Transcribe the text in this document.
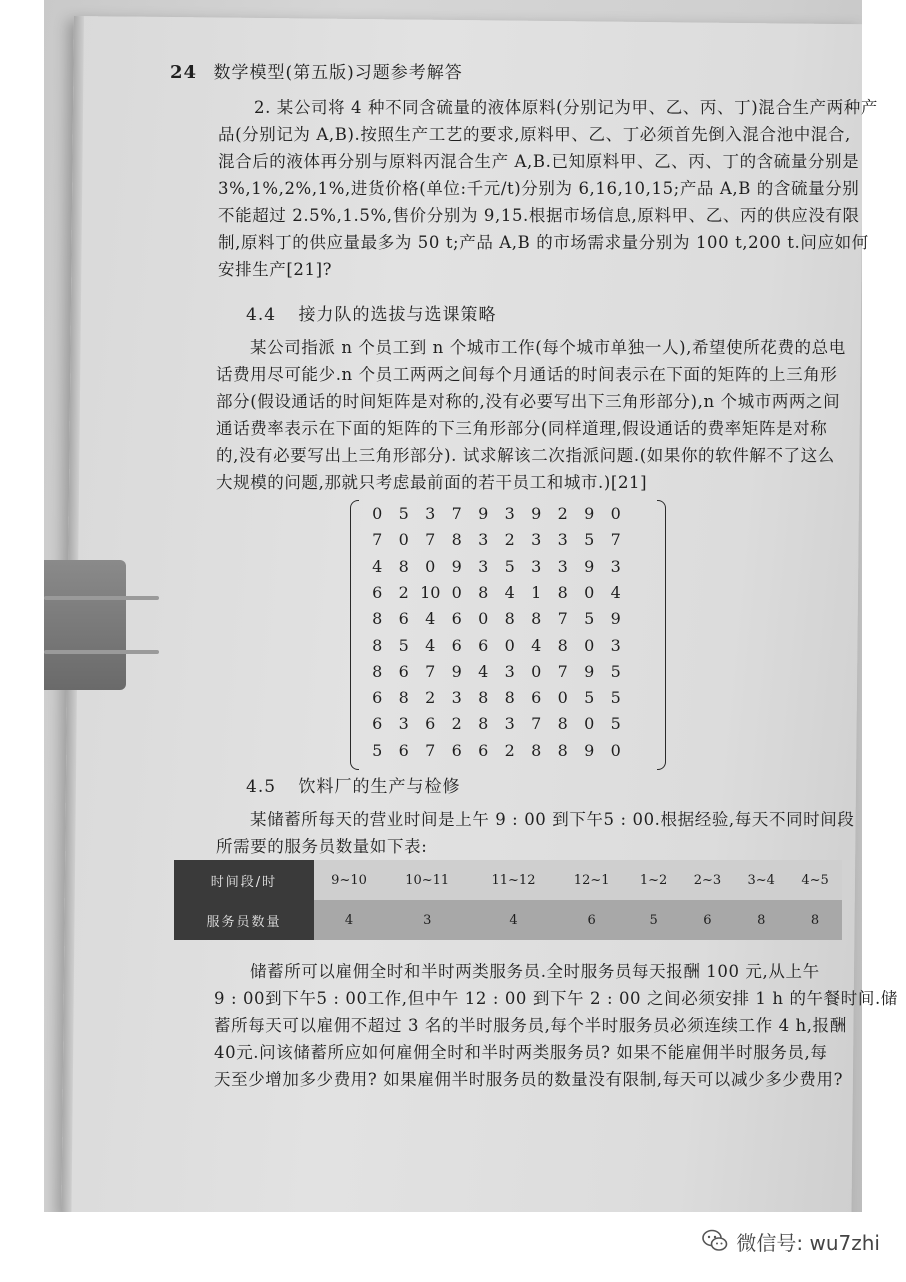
24 数学模型(第五版)习题参考解答
2. 某公司将 4 种不同含硫量的液体原料(分别记为甲、乙、丙、丁)混合生产两种产
品(分别记为 A,B).按照生产工艺的要求,原料甲、乙、丁必须首先倒入混合池中混合,
混合后的液体再分别与原料丙混合生产 A,B.已知原料甲、乙、丙、丁的含硫量分别是
3%,1%,2%,1%,进货价格(单位:千元/t)分别为 6,16,10,15;产品 A,B 的含硫量分别
不能超过 2.5%,1.5%,售价分别为 9,15.根据市场信息,原料甲、乙、丙的供应没有限
制,原料丁的供应量最多为 50 t;产品 A,B 的市场需求量分别为 100 t,200 t.问应如何
安排生产[21]?
4.4 接力队的选拔与选课策略
某公司指派 n 个员工到 n 个城市工作(每个城市单独一人),希望使所花费的总电
话费用尽可能少.n 个员工两两之间每个月通话的时间表示在下面的矩阵的上三角形
部分(假设通话的时间矩阵是对称的,没有必要写出下三角形部分),n 个城市两两之间
通话费率表示在下面的矩阵的下三角形部分(同样道理,假设通话的费率矩阵是对称
的,没有必要写出上三角形部分). 试求解该二次指派问题.(如果你的软件解不了这么
大规模的问题,那就只考虑最前面的若干员工和城市.)[21]
0	5	3	7	9	3	9	2	9	0
7	0	7	8	3	2	3	3	5	7
4	8	0	9	3	5	3	3	9	3
6	2 10 0	8	4	1	8	0	4
8	6	4	6	0	8	8	7	5	9
8	5	4	6	6	0	4	8	0	3
8	6	7	9	4	3	0	7	9	5
6	8	2	3	8	8	6	0	5	5
6	3	6	2	8	3	7	8	0	5
5	6	7	6	6	2	8	8	9	0
4.5 饮料厂的生产与检修
某储蓄所每天的营业时间是上午 9 : 00 到下午5 : 00.根据经验,每天不同时间段
所需要的服务员数量如下表:
时间段/时	9~10	10~11	11~12	12~1	1~2	2~3	3~4	4~5
服务员数量	4	3	4	6	5	6	8	8
储蓄所可以雇佣全时和半时两类服务员.全时服务员每天报酬 100 元,从上午
9 : 00到下午5 : 00工作,但中午 12 : 00 到下午 2 : 00 之间必须安排 1 h 的午餐时间.储
蓄所每天可以雇佣不超过 3 名的半时服务员,每个半时服务员必须连续工作 4 h,报酬
40元.问该储蓄所应如何雇佣全时和半时两类服务员? 如果不能雇佣半时服务员,每
天至少增加多少费用? 如果雇佣半时服务员的数量没有限制,每天可以减少多少费用?
微信号: wu7zhi
